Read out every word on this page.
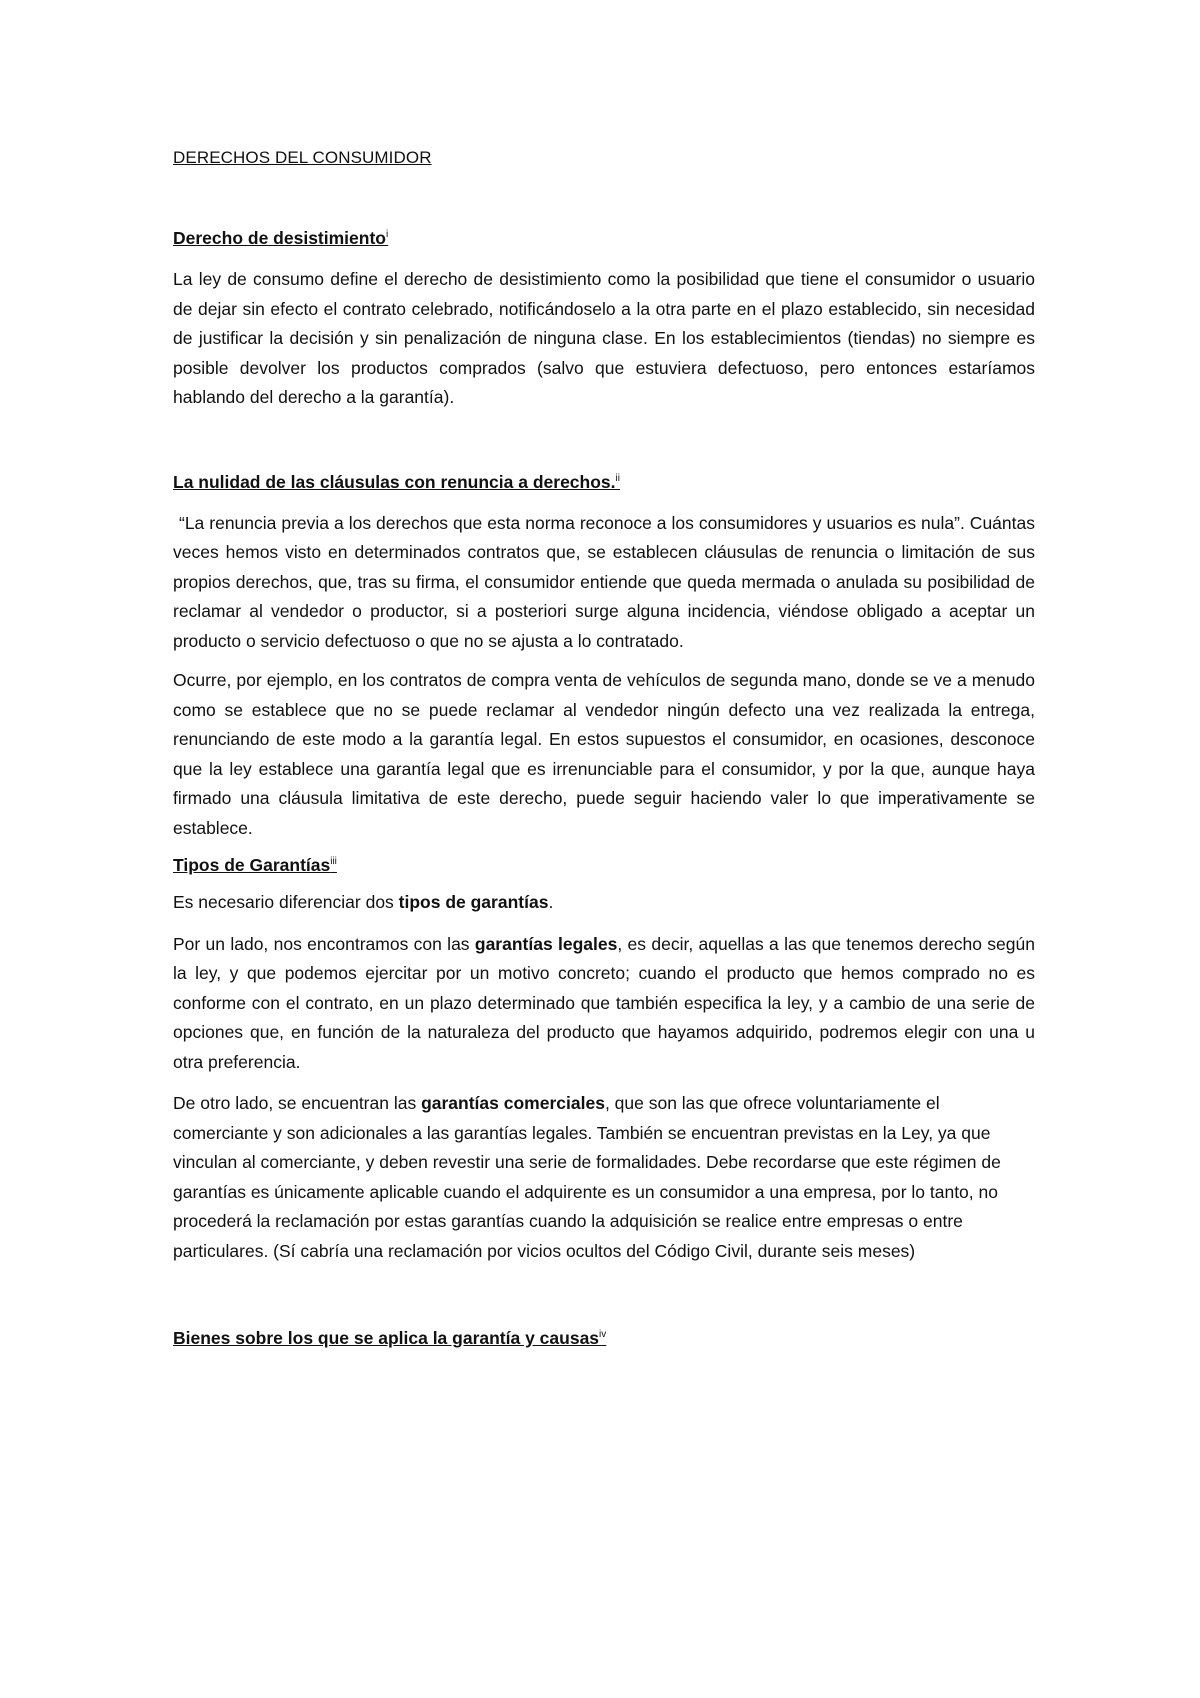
DERECHOS DEL CONSUMIDOR
Derecho de desistimiento$^i$

La ley de consumo define el derecho de desistimiento como la posibilidad que tiene el consumidor o usuario de dejar sin efecto el contrato celebrado, notificándoselo a la otra parte en el plazo establecido, sin necesidad de justificar la decisión y sin penalización de ninguna clase. En los establecimientos (tiendas) no siempre es posible devolver los productos comprados (salvo que estuviera defectuoso, pero entonces estaríamos hablando del derecho a la garantía).

La nulidad de las cláusulas con renuncia a derechos.$^{ii}$

“La renuncia previa a los derechos que esta norma reconoce a los consumidores y usuarios es nula”. Cuántas veces hemos visto en determinados contratos que, se establecen cláusulas de renuncia o limitación de sus propios derechos, que, tras su firma, el consumidor entiende que queda mermada o anulada su posibilidad de reclamar al vendedor o productor, si a posteriori surge alguna incidencia, viéndose obligado a aceptar un producto o servicio defectuoso o que no se ajusta a lo contratado.

Ocurre, por ejemplo, en los contratos de compra venta de vehículos de segunda mano, donde se ve a menudo como se establece que no se puede reclamar al vendedor ningún defecto una vez realizada la entrega, renunciando de este modo a la garantía legal. En estos supuestos el consumidor, en ocasiones, desconoce que la ley establece una garantía legal que es irrenunciable para el consumidor, y por la que, aunque haya firmado una cláusula limitativa de este derecho, puede seguir haciendo valer lo que imperativamente se establece.

Tipos de Garantías$^{iii}$

Es necesario diferenciar dos tipos de garantías.

Por un lado, nos encontramos con las garantías legales, es decir, aquellas a las que tenemos derecho según la ley, y que podemos ejercitar por un motivo concreto; cuando el producto que hemos comprado no es conforme con el contrato, en un plazo determinado que también especifica la ley, y a cambio de una serie de opciones que, en función de la naturaleza del producto que hayamos adquirido, podremos elegir con una u otra preferencia.

De otro lado, se encuentran las garantías comerciales, que son las que ofrece voluntariamente el comerciante y son adicionales a las garantías legales. También se encuentran previstas en la Ley, ya que vinculan al comerciante, y deben revestir una serie de formalidades. Debe recordarse que este régimen de garantías es únicamente aplicable cuando el adquirente es un consumidor a una empresa, por lo tanto, no procederá la reclamación por estas garantías cuando la adquisición se realice entre empresas o entre particulares. (Sí cabría una reclamación por vicios ocultos del Código Civil, durante seis meses)

Bienes sobre los que se aplica la garantía y causas$^{iv}$
